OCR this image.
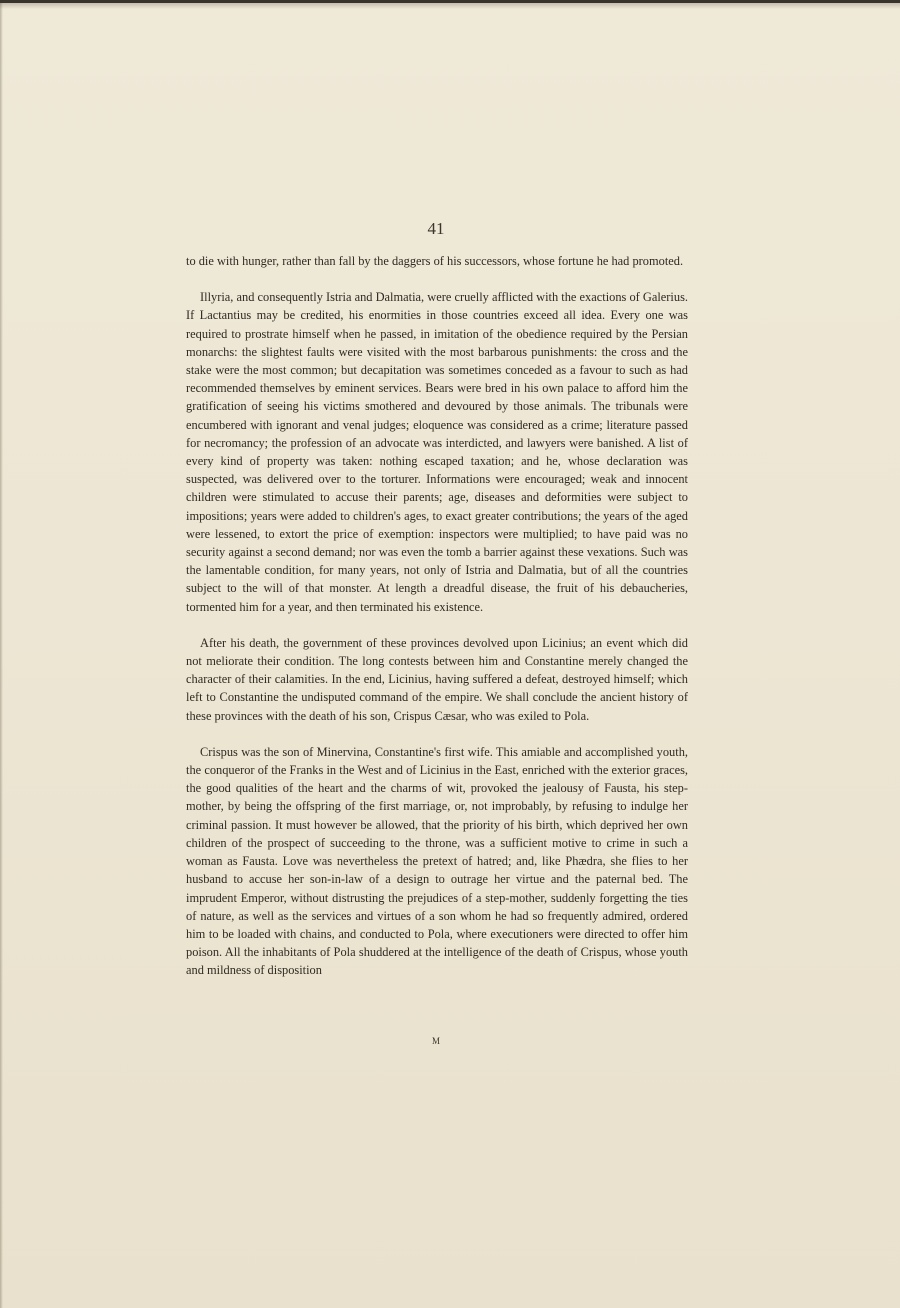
41

to die with hunger, rather than fall by the daggers of his successors, whose fortune he had promoted.

Illyria, and consequently Istria and Dalmatia, were cruelly afflicted with the exactions of Galerius. If Lactantius may be credited, his enormities in those countries exceed all idea. Every one was required to prostrate himself when he passed, in imitation of the obedience required by the Persian monarchs: the slightest faults were visited with the most barbarous punishments: the cross and the stake were the most common; but decapitation was sometimes conceded as a favour to such as had recommended themselves by eminent services. Bears were bred in his own palace to afford him the gratification of seeing his victims smothered and devoured by those animals. The tribunals were encumbered with ignorant and venal judges; eloquence was considered as a crime; literature passed for necromancy; the profession of an advocate was interdicted, and lawyers were banished. A list of every kind of property was taken: nothing escaped taxation; and he, whose declaration was suspected, was delivered over to the torturer. Informations were encouraged; weak and innocent children were stimulated to accuse their parents; age, diseases and deformities were subject to impositions; years were added to children's ages, to exact greater contributions; the years of the aged were lessened, to extort the price of exemption: inspectors were multiplied; to have paid was no security against a second demand; nor was even the tomb a barrier against these vexations. Such was the lamentable condition, for many years, not only of Istria and Dalmatia, but of all the countries subject to the will of that monster. At length a dreadful disease, the fruit of his debaucheries, tormented him for a year, and then terminated his existence.

After his death, the government of these provinces devolved upon Licinius; an event which did not meliorate their condition. The long contests between him and Constantine merely changed the character of their calamities. In the end, Licinius, having suffered a defeat, destroyed himself; which left to Constantine the undisputed command of the empire. We shall conclude the ancient history of these provinces with the death of his son, Crispus Cæsar, who was exiled to Pola.

Crispus was the son of Minervina, Constantine's first wife. This amiable and accomplished youth, the conqueror of the Franks in the West and of Licinius in the East, enriched with the exterior graces, the good qualities of the heart and the charms of wit, provoked the jealousy of Fausta, his step-mother, by being the offspring of the first marriage, or, not improbably, by refusing to indulge her criminal passion. It must however be allowed, that the priority of his birth, which deprived her own children of the prospect of succeeding to the throne, was a sufficient motive to crime in such a woman as Fausta. Love was nevertheless the pretext of hatred; and, like Phædra, she flies to her husband to accuse her son-in-law of a design to outrage her virtue and the paternal bed. The imprudent Emperor, without distrusting the prejudices of a step-mother, suddenly forgetting the ties of nature, as well as the services and virtues of a son whom he had so frequently admired, ordered him to be loaded with chains, and conducted to Pola, where executioners were directed to offer him poison. All the inhabitants of Pola shuddered at the intelligence of the death of Crispus, whose youth and mildness of disposition

M
